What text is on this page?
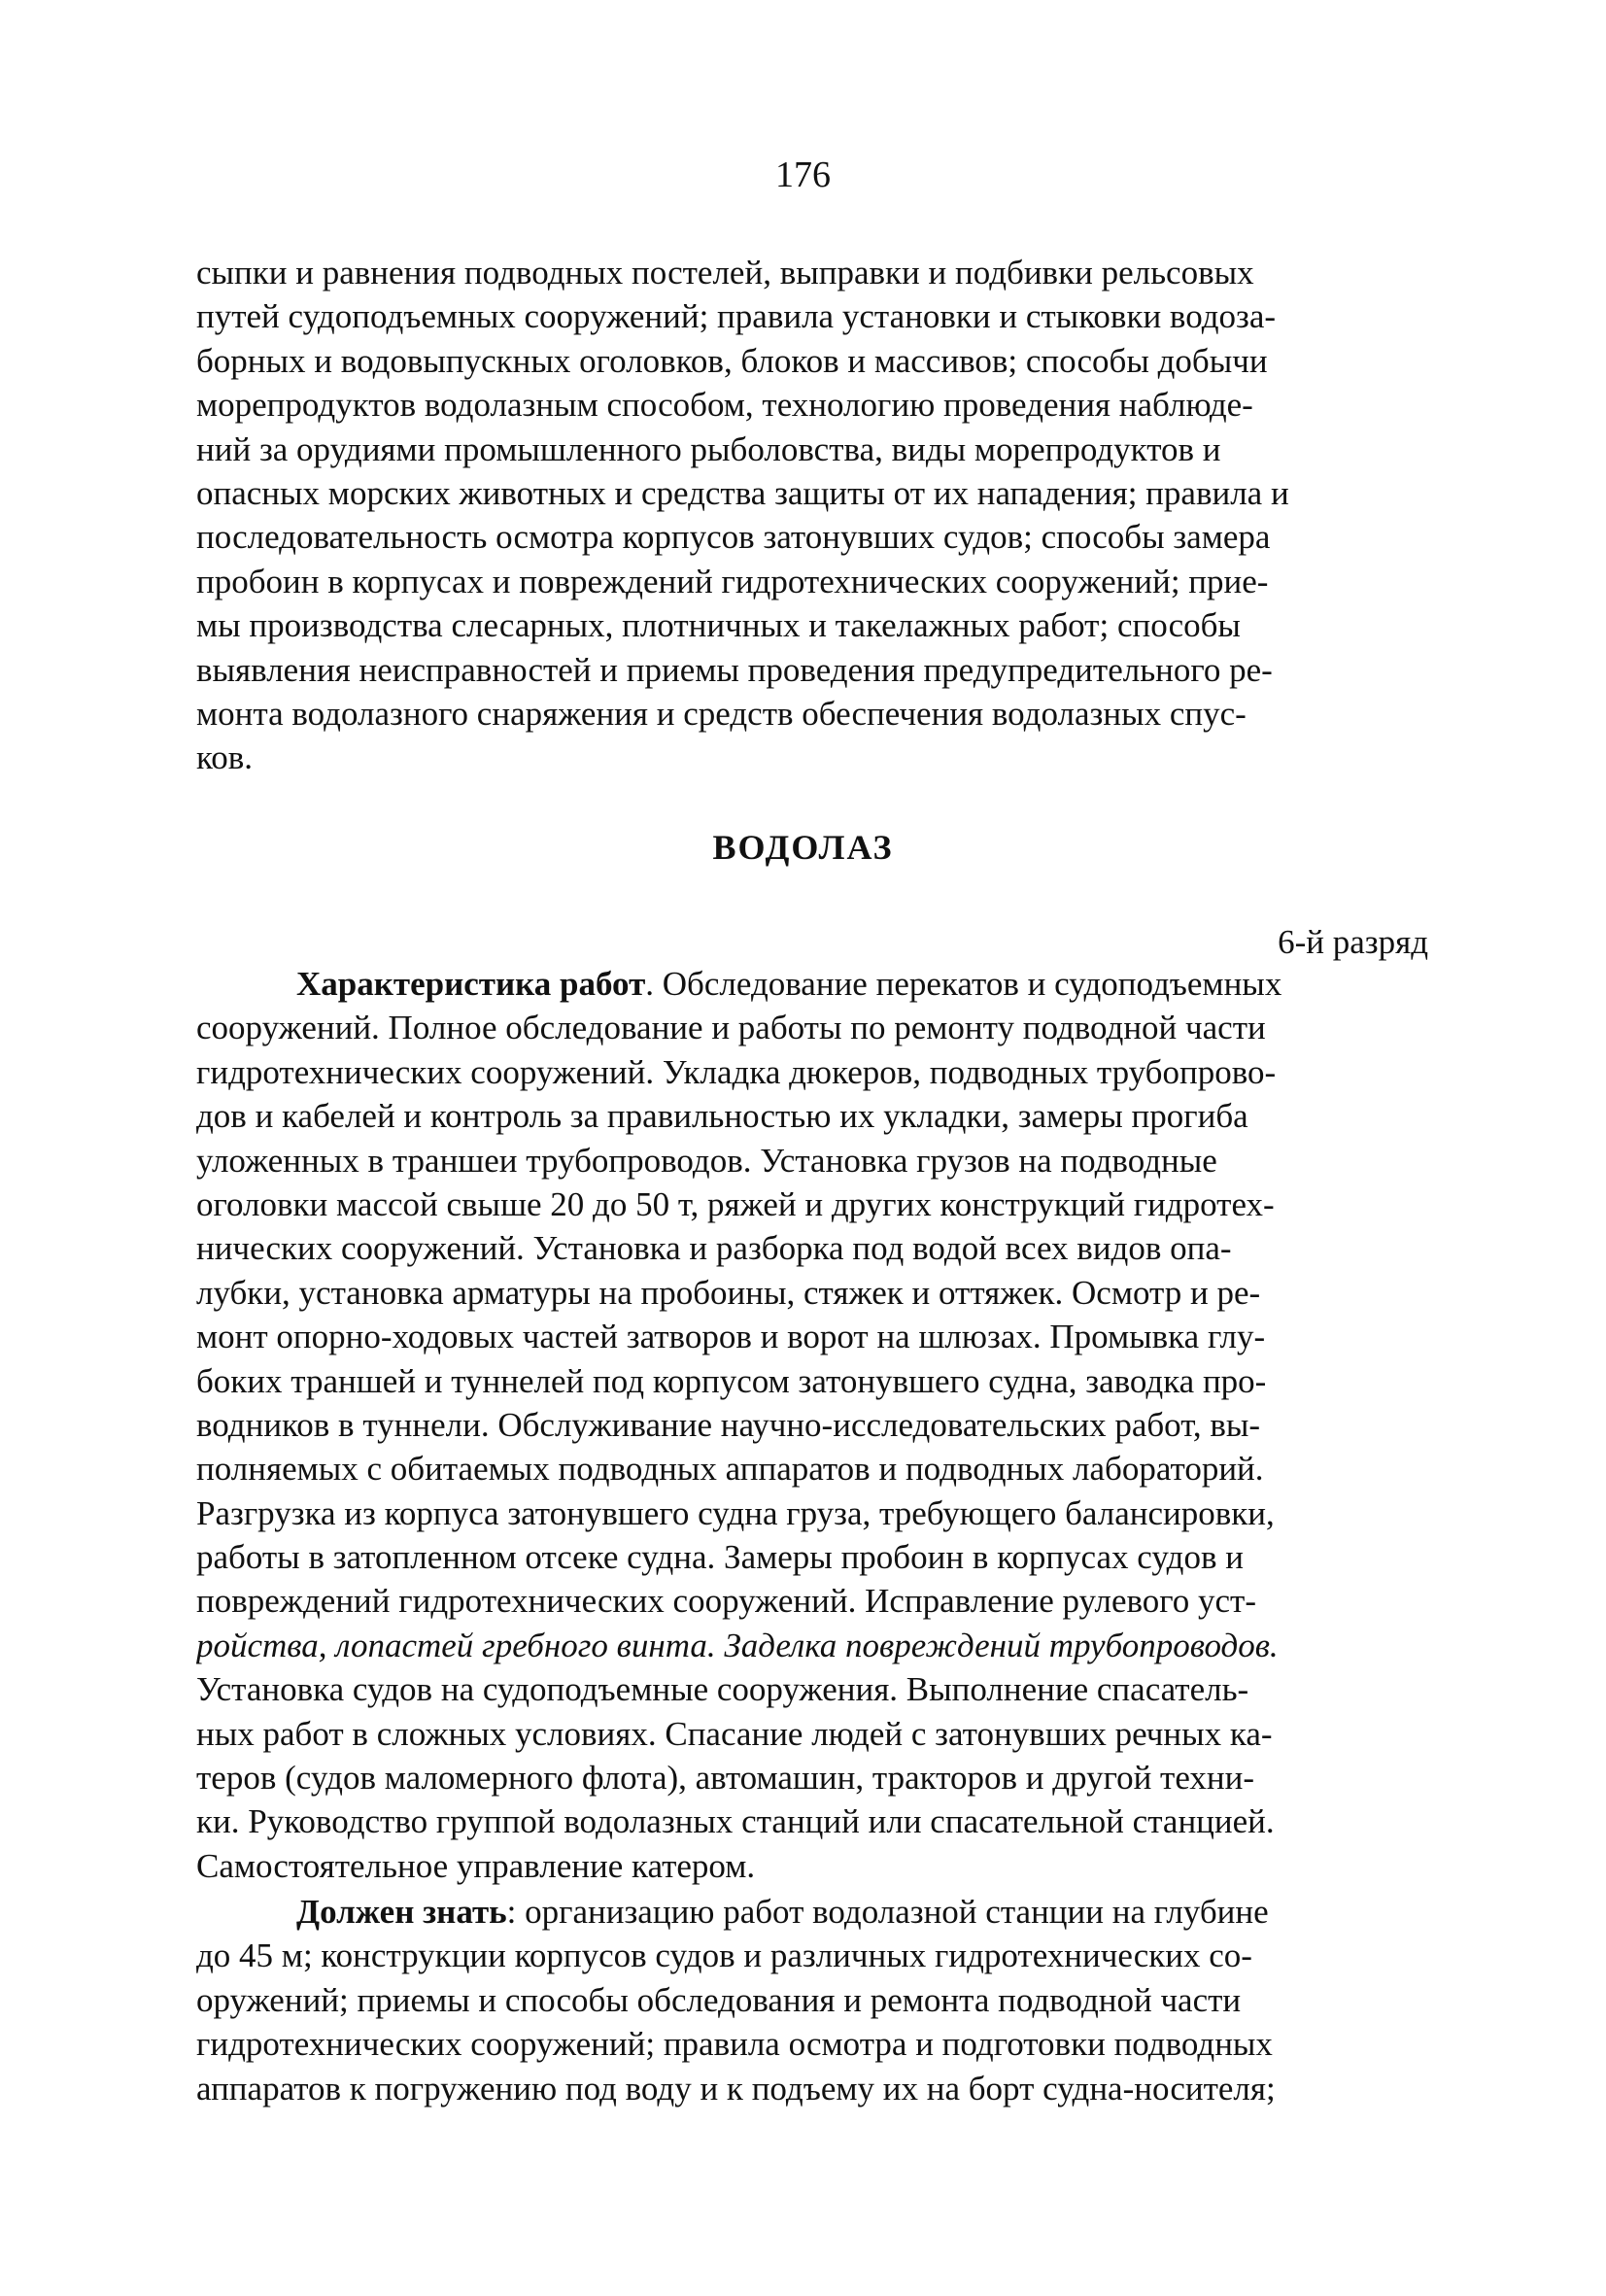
176
сыпки и равнения подводных постелей, выправки и подбивки рельсовых
путей судоподъемных сооружений; правила установки и стыковки водоза-
борных и водовыпускных оголовков, блоков и массивов; способы добычи
морепродуктов водолазным способом, технологию проведения наблюде-
ний за орудиями промышленного рыболовства, виды морепродуктов и
опасных морских животных и средства защиты от их нападения; правила и
последовательность осмотра корпусов затонувших судов; способы замера
пробоин в корпусах и повреждений гидротехнических сооружений; прие-
мы производства слесарных, плотничных и такелажных работ; способы
выявления неисправностей и приемы проведения предупредительного ре-
монта водолазного снаряжения и средств обеспечения водолазных спус-
ков.
ВОДОЛАЗ
6-й разряд
Характеристика работ. Обследование перекатов и судоподъемных
сооружений. Полное обследование и работы по ремонту подводной части
гидротехнических сооружений. Укладка дюкеров, подводных трубопрово-
дов и кабелей и контроль за правильностью их укладки, замеры прогиба
уложенных в траншеи трубопроводов. Установка грузов на подводные
оголовки массой свыше 20 до 50 т, ряжей и других конструкций гидротех-
нических сооружений. Установка и разборка под водой всех видов опа-
лубки, установка арматуры на пробоины, стяжек и оттяжек. Осмотр и ре-
монт опорно-ходовых частей затворов и ворот на шлюзах. Промывка глу-
боких траншей и туннелей под корпусом затонувшего судна, заводка про-
водников в туннели. Обслуживание научно-исследовательских работ, вы-
полняемых с обитаемых подводных аппаратов и подводных лабораторий.
Разгрузка из корпуса затонувшего судна груза, требующего балансировки,
работы в затопленном отсеке судна. Замеры пробоин в корпусах судов и
повреждений гидротехнических сооружений. Исправление рулевого уст-
ройства, лопастей гребного винта. Заделка повреждений трубопроводов.
Установка судов на судоподъемные сооружения. Выполнение спасатель-
ных работ в сложных условиях. Спасание людей с затонувших речных ка-
теров (судов маломерного флота), автомашин, тракторов и другой техни-
ки. Руководство группой водолазных станций или спасательной станцией.
Самостоятельное управление катером.
Должен знать: организацию работ водолазной станции на глубине
до 45 м; конструкции корпусов судов и различных гидротехнических со-
оружений; приемы и способы обследования и ремонта подводной части
гидротехнических сооружений; правила осмотра и подготовки подводных
аппаратов к погружению под воду и к подъему их на борт судна-носителя;
